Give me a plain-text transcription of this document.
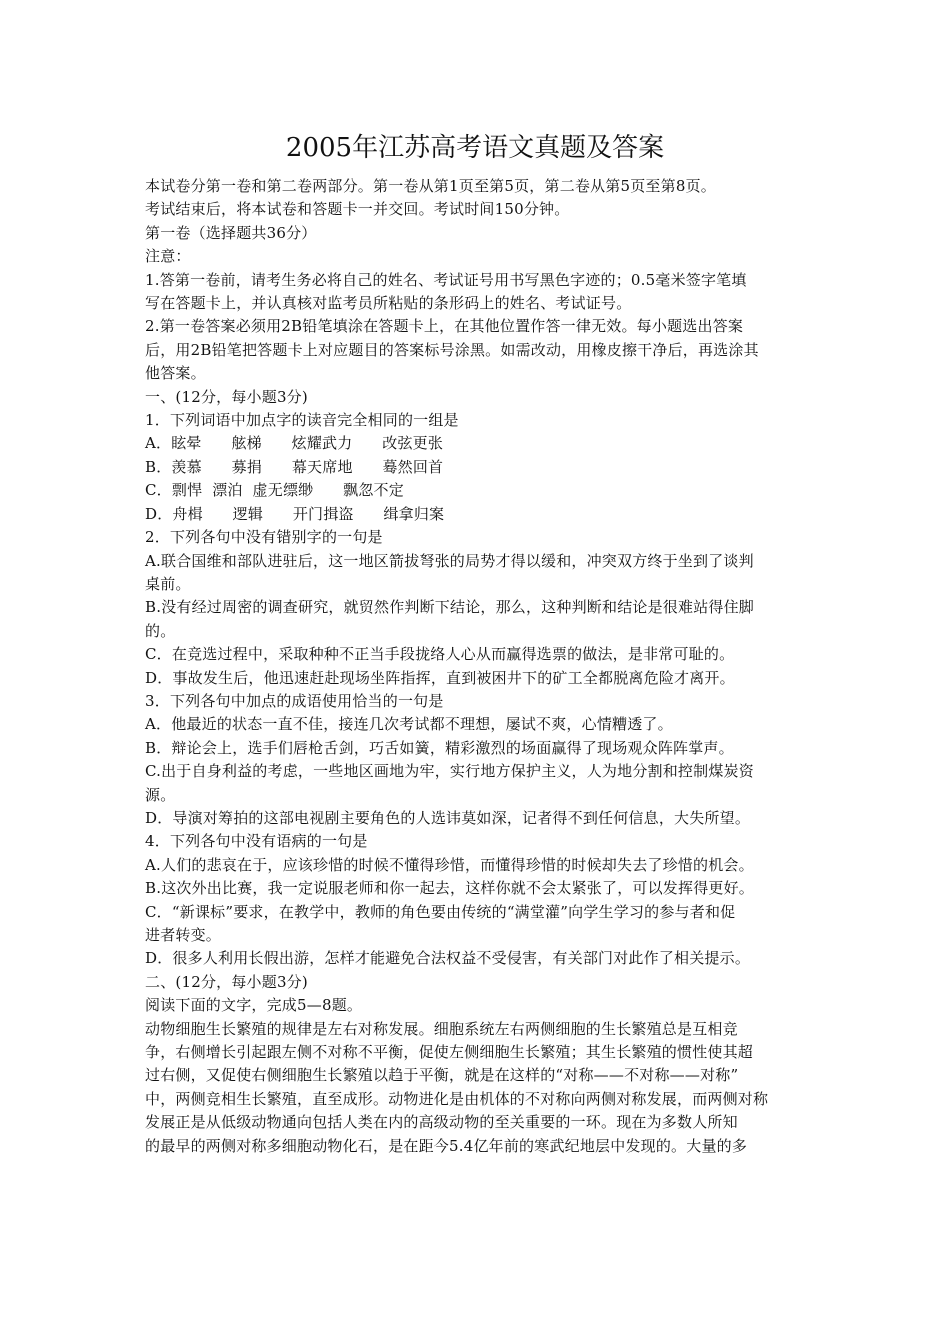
2005年江苏高考语文真题及答案
本试卷分第一卷和第二卷两部分。第一卷从第1页至第5页，第二卷从第5页至第8页。
考试结束后，将本试卷和答题卡一并交回。考试时间150分钟。
第一卷（选择题共36分）
注意：
1.答第一卷前，请考生务必将自己的姓名、考试证号用书写黑色字迹的；0.5毫米签字笔填
写在答题卡上，并认真核对监考员所粘贴的条形码上的姓名、考试证号。
2.第一卷答案必须用2B铅笔填涂在答题卡上，在其他位置作答一律无效。每小题选出答案
后，用2B铅笔把答题卡上对应题目的答案标号涂黑。如需改动，用橡皮擦干净后，再选涂其
他答案。
一、(12分，每小题3分)
1．下列词语中加点字的读音完全相同的一组是
A．眩晕      舷梯      炫耀武力      改弦更张
B．羡慕      募捐      幕天席地      蓦然回首
C．剽悍  漂泊  虚无缥缈      飘忽不定
D．舟楫      逻辑      开门揖盗      缉拿归案
2．下列各句中没有错别字的一句是
A.联合国维和部队进驻后，这一地区箭拔弩张的局势才得以缓和，冲突双方终于坐到了谈判
桌前。
B.没有经过周密的调查研究，就贸然作判断下结论，那么，这种判断和结论是很难站得住脚
的。
C．在竞选过程中，采取种种不正当手段拢络人心从而赢得选票的做法，是非常可耻的。
D．事故发生后，他迅速赶赴现场坐阵指挥，直到被困井下的矿工全都脱离危险才离开。
3．下列各句中加点的成语使用恰当的一句是
A．他最近的状态一直不佳，接连几次考试都不理想，屡试不爽，心情糟透了。
B．辩论会上，选手们唇枪舌剑，巧舌如簧，精彩激烈的场面赢得了现场观众阵阵掌声。
C.出于自身利益的考虑，一些地区画地为牢，实行地方保护主义，人为地分割和控制煤炭资
源。
D．导演对筹拍的这部电视剧主要角色的人选讳莫如深，记者得不到任何信息，大失所望。
4．下列各句中没有语病的一句是
A.人们的悲哀在于，应该珍惜的时候不懂得珍惜，而懂得珍惜的时候却失去了珍惜的机会。
B.这次外出比赛，我一定说服老师和你一起去，这样你就不会太紧张了，可以发挥得更好。
C．“新课标”要求，在教学中，教师的角色要由传统的“满堂灌”向学生学习的参与者和促
进者转变。
D．很多人利用长假出游，怎样才能避免合法权益不受侵害，有关部门对此作了相关提示。
二、(12分，每小题3分)
阅读下面的文字，完成5—8题。
动物细胞生长繁殖的规律是左右对称发展。细胞系统左右两侧细胞的生长繁殖总是互相竞
争，右侧增长引起跟左侧不对称不平衡，促使左侧细胞生长繁殖；其生长繁殖的惯性使其超
过右侧，又促使右侧细胞生长繁殖以趋于平衡，就是在这样的“对称——不对称——对称”
中，两侧竞相生长繁殖，直至成形。动物进化是由机体的不对称向两侧对称发展，而两侧对称
发展正是从低级动物通向包括人类在内的高级动物的至关重要的一环。现在为多数人所知
的最早的两侧对称多细胞动物化石，是在距今5.4亿年前的寒武纪地层中发现的。大量的多
